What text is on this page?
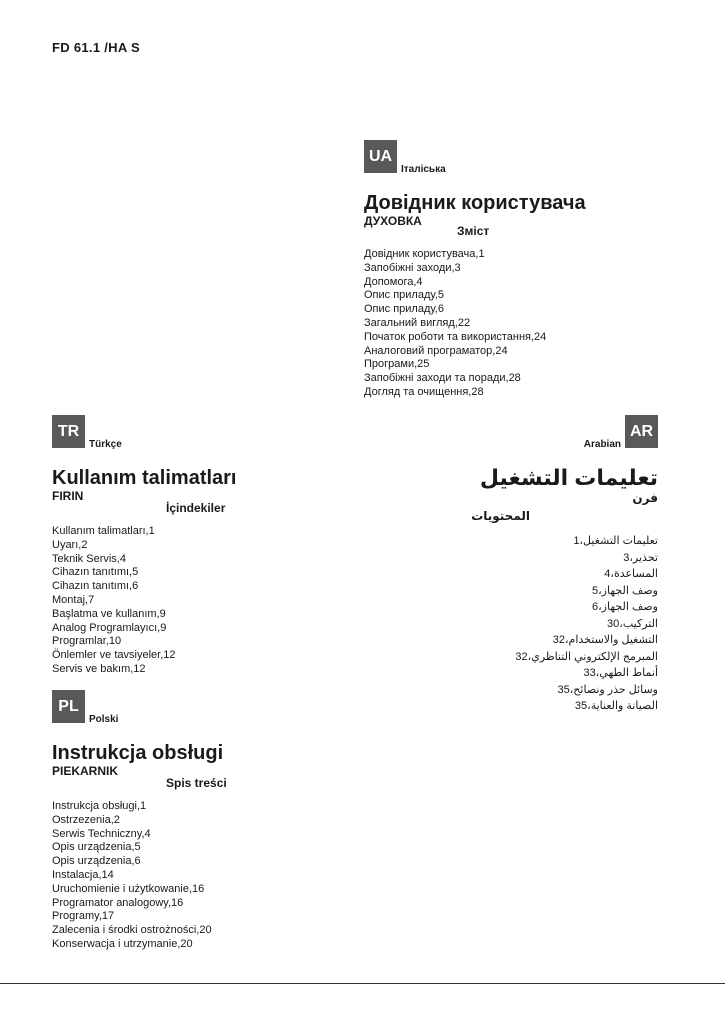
FD 61.1 /HA S
UA
Італіська
Довідник користувача
ДУХОВКА
Зміст
Довідник користувача,1
Запобіжні заходи,3
Допомога,4
Опис приладу,5
Опис приладу,6
Загальний вигляд,22
Початок роботи та використання,24
Аналоговий програматор,24
Програми,25
Запобіжні заходи та поради,28
Догляд та очищення,28
TR
Türkçe
Kullanım talimatları
FIRIN
İçindekiler
Kullanım talimatları,1
Uyarı,2
Teknik Servis,4
Cihazın tanıtımı,5
Cihazın tanıtımı,6
Montaj,7
Başlatma ve kullanım,9
Analog Programlayıcı,9
Programlar,10
Önlemler ve tavsiyeler,12
Servis ve bakım,12
Arabian
AR
تعليمات التشغيل
فرن
المحتويات
تعليمات التشغيل،1
تحذير،3
المساعدة،4
وصف الجهاز،5
وصف الجهاز،6
التركيب،30
التشغيل والاستخدام،32
المبرمج الإلكتروني التناظري،32
أنماط الطهي،33
وسائل حذر ونصائح،35
الصيانة والعناية،35
PL
Polski
Instrukcja obsługi
PIEKARNIK
Spis treści
Instrukcja obsługi,1
Ostrzezenia,2
Serwis Techniczny,4
Opis urządzenia,5
Opis urządzenia,6
Instalacja,14
Uruchomienie i użytkowanie,16
Programator analogowy,16
Programy,17
Zalecenia i środki ostrożności,20
Konserwacja i utrzymanie,20
